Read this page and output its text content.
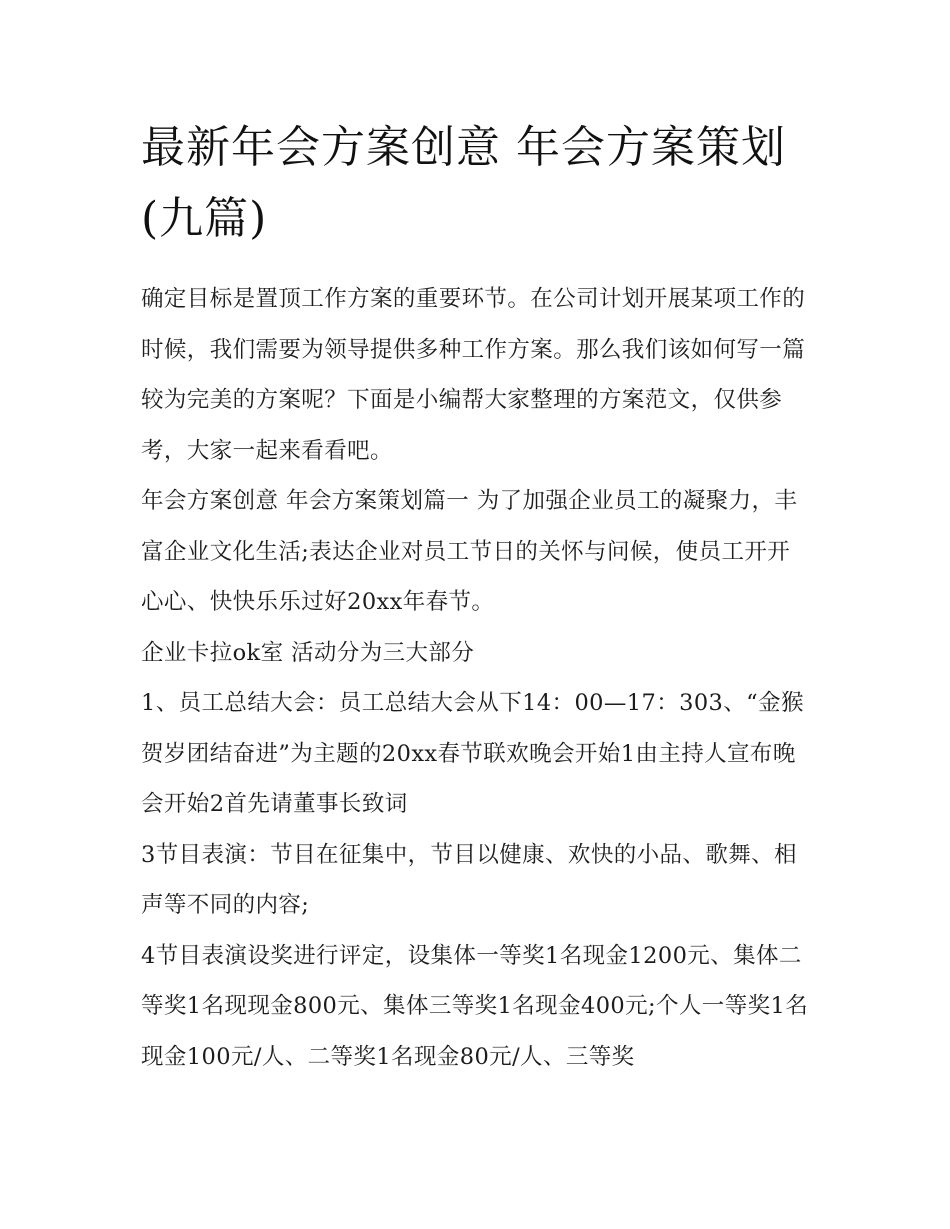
最新年会方案创意 年会方案策划(九篇)

确定目标是置顶工作方案的重要环节。在公司计划开展某项工作的时候，我们需要为领导提供多种工作方案。那么我们该如何写一篇较为完美的方案呢？下面是小编帮大家整理的方案范文，仅供参考，大家一起来看看吧。

年会方案创意 年会方案策划篇一 为了加强企业员工的凝聚力，丰富企业文化生活;表达企业对员工节日的关怀与问候，使员工开开心心、快快乐乐过好20xx年春节。

企业卡拉ok室 活动分为三大部分

1、员工总结大会：员工总结大会从下14：00—17：303、“金猴贺岁团结奋进”为主题的20xx春节联欢晚会开始1由主持人宣布晚会开始2首先请董事长致词

3节目表演：节目在征集中，节目以健康、欢快的小品、歌舞、相声等不同的内容;

4节目表演设奖进行评定，设集体一等奖1名现金1200元、集体二等奖1名现现金800元、集体三等奖1名现金400元;个人一等奖1名现金100元/人、二等奖1名现金80元/人、三等奖
